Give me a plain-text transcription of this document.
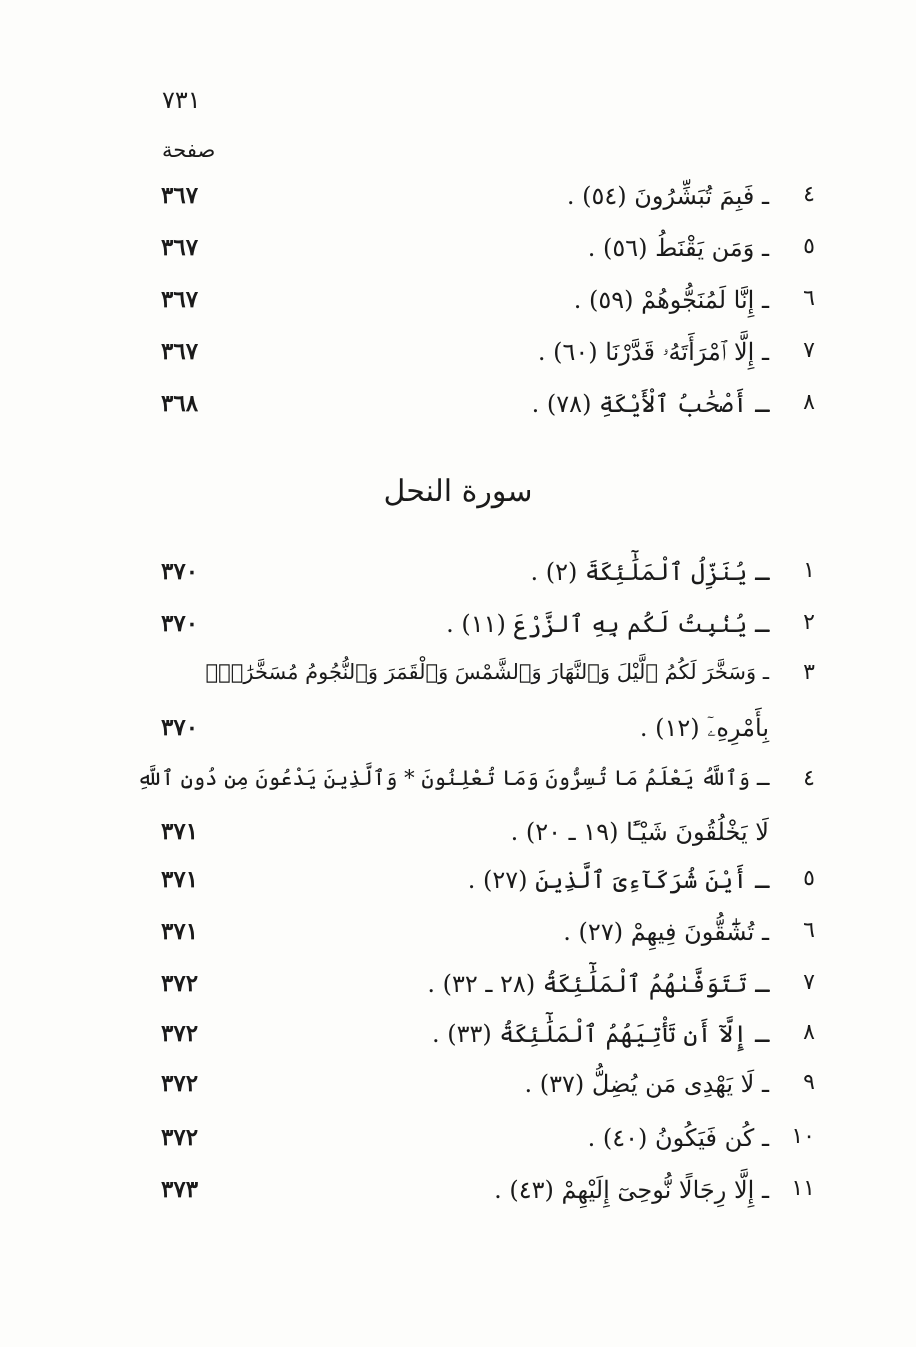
٧٣١
صفحة
٤
ـ فَبِمَ تُبَشِّرُونَ (٥٤) .
٣٦٧
٥
ـ وَمَن يَقْنَطُ (٥٦) .
٣٦٧
٦
ـ إِنَّا لَمُنَجُّوهُمْ (٥٩) .
٣٦٧
٧
ـ إِلَّا ٱمْرَأَتَهُۥ قَدَّرْنَا (٦٠) .
٣٦٧
٨
ـ أَصْحَٰبُ ٱلْأَيْكَةِ (٧٨) .
٣٦٨
سورة النحل
١
ـ يُنَزِّلُ ٱلْمَلَٰٓئِكَةَ (٢) .
٣٧٠
٢
ـ يُنۢبِتُ لَكُم بِهِ ٱلزَّرْعَ (١١) .
٣٧٠
٣
ـ وَسَخَّرَ لَكُمُ ٱلَّيْلَ وَٱلنَّهَارَ وَٱلشَّمْسَ وَٱلْقَمَرَ وَٱلنُّجُومُ مُسَخَّرَٰتٌۢ
بِأَمْرِهِۦٓ (١٢) .
٣٧٠
٤
ـ وَٱللَّهُ يَعْلَمُ مَا تُسِرُّونَ وَمَا تُعْلِنُونَ * وَٱلَّذِينَ يَدْعُونَ مِن دُونِ ٱللَّهِ
لَا يَخْلُقُونَ شَيْـًٔا (١٩ ـ ٢٠) .
٣٧١
٥
ـ أَيْنَ شُرَكَآءِىَ ٱلَّذِينَ (٢٧) .
٣٧١
٦
ـ تُشَٰٓقُّونَ فِيهِمْ (٢٧) .
٣٧١
٧
ـ تَتَوَفَّىٰهُمُ ٱلْمَلَٰٓئِكَةُ (٢٨ ـ ٣٢) .
٣٧٢
٨
ـ إِلَّآ أَن تَأْتِيَهُمُ ٱلْمَلَٰٓئِكَةُ (٣٣) .
٣٧٢
٩
ـ لَا يَهْدِى مَن يُضِلُّ (٣٧) .
٣٧٢
١٠
ـ كُن فَيَكُونُ (٤٠) .
٣٧٢
١١
ـ إِلَّا رِجَالًا نُّوحِىٓ إِلَيْهِمْ (٤٣) .
٣٧٣
